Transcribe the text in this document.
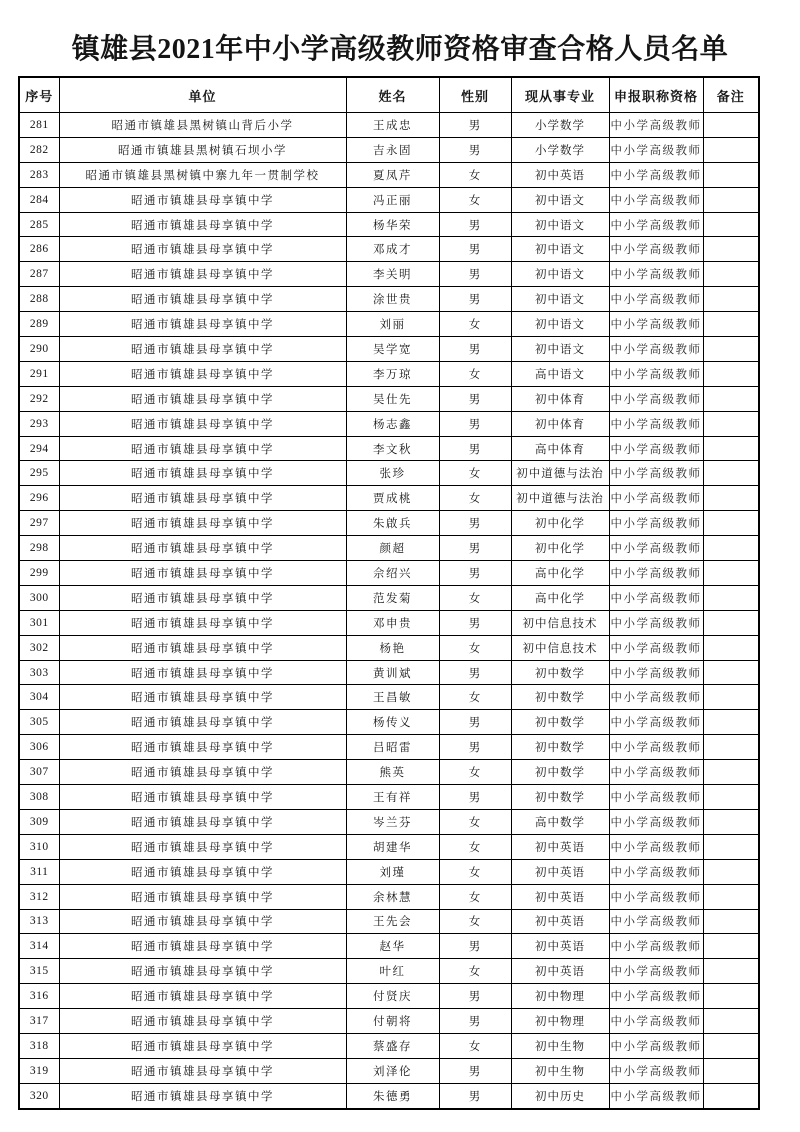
镇雄县2021年中小学高级教师资格审查合格人员名单
序号	单位	姓名	性别	现从事专业	申报职称资格	备注
281	昭通市镇雄县黑树镇山背后小学	王成忠	男	小学数学	中小学高级教师	
282	昭通市镇雄县黑树镇石坝小学	吉永固	男	小学数学	中小学高级教师	
283	昭通市镇雄县黑树镇中寨九年一贯制学校	夏凤芹	女	初中英语	中小学高级教师	
284	昭通市镇雄县母享镇中学	冯正丽	女	初中语文	中小学高级教师	
285	昭通市镇雄县母享镇中学	杨华荣	男	初中语文	中小学高级教师	
286	昭通市镇雄县母享镇中学	邓成才	男	初中语文	中小学高级教师	
287	昭通市镇雄县母享镇中学	李关明	男	初中语文	中小学高级教师	
288	昭通市镇雄县母享镇中学	涂世贵	男	初中语文	中小学高级教师	
289	昭通市镇雄县母享镇中学	刘丽	女	初中语文	中小学高级教师	
290	昭通市镇雄县母享镇中学	吴学宽	男	初中语文	中小学高级教师	
291	昭通市镇雄县母享镇中学	李万琼	女	高中语文	中小学高级教师	
292	昭通市镇雄县母享镇中学	吴仕先	男	初中体育	中小学高级教师	
293	昭通市镇雄县母享镇中学	杨志鑫	男	初中体育	中小学高级教师	
294	昭通市镇雄县母享镇中学	李文秋	男	高中体育	中小学高级教师	
295	昭通市镇雄县母享镇中学	张珍	女	初中道德与法治	中小学高级教师	
296	昭通市镇雄县母享镇中学	贾成桃	女	初中道德与法治	中小学高级教师	
297	昭通市镇雄县母享镇中学	朱啟兵	男	初中化学	中小学高级教师	
298	昭通市镇雄县母享镇中学	颜超	男	初中化学	中小学高级教师	
299	昭通市镇雄县母享镇中学	佘绍兴	男	高中化学	中小学高级教师	
300	昭通市镇雄县母享镇中学	范发菊	女	高中化学	中小学高级教师	
301	昭通市镇雄县母享镇中学	邓申贵	男	初中信息技术	中小学高级教师	
302	昭通市镇雄县母享镇中学	杨艳	女	初中信息技术	中小学高级教师	
303	昭通市镇雄县母享镇中学	黄训斌	男	初中数学	中小学高级教师	
304	昭通市镇雄县母享镇中学	王昌敏	女	初中数学	中小学高级教师	
305	昭通市镇雄县母享镇中学	杨传义	男	初中数学	中小学高级教师	
306	昭通市镇雄县母享镇中学	吕昭雷	男	初中数学	中小学高级教师	
307	昭通市镇雄县母享镇中学	熊英	女	初中数学	中小学高级教师	
308	昭通市镇雄县母享镇中学	王有祥	男	初中数学	中小学高级教师	
309	昭通市镇雄县母享镇中学	岑兰芬	女	高中数学	中小学高级教师	
310	昭通市镇雄县母享镇中学	胡建华	女	初中英语	中小学高级教师	
311	昭通市镇雄县母享镇中学	刘瑾	女	初中英语	中小学高级教师	
312	昭通市镇雄县母享镇中学	余林慧	女	初中英语	中小学高级教师	
313	昭通市镇雄县母享镇中学	王先会	女	初中英语	中小学高级教师	
314	昭通市镇雄县母享镇中学	赵华	男	初中英语	中小学高级教师	
315	昭通市镇雄县母享镇中学	叶红	女	初中英语	中小学高级教师	
316	昭通市镇雄县母享镇中学	付贤庆	男	初中物理	中小学高级教师	
317	昭通市镇雄县母享镇中学	付朝将	男	初中物理	中小学高级教师	
318	昭通市镇雄县母享镇中学	蔡盛存	女	初中生物	中小学高级教师	
319	昭通市镇雄县母享镇中学	刘泽伦	男	初中生物	中小学高级教师	
320	昭通市镇雄县母享镇中学	朱德勇	男	初中历史	中小学高级教师	
